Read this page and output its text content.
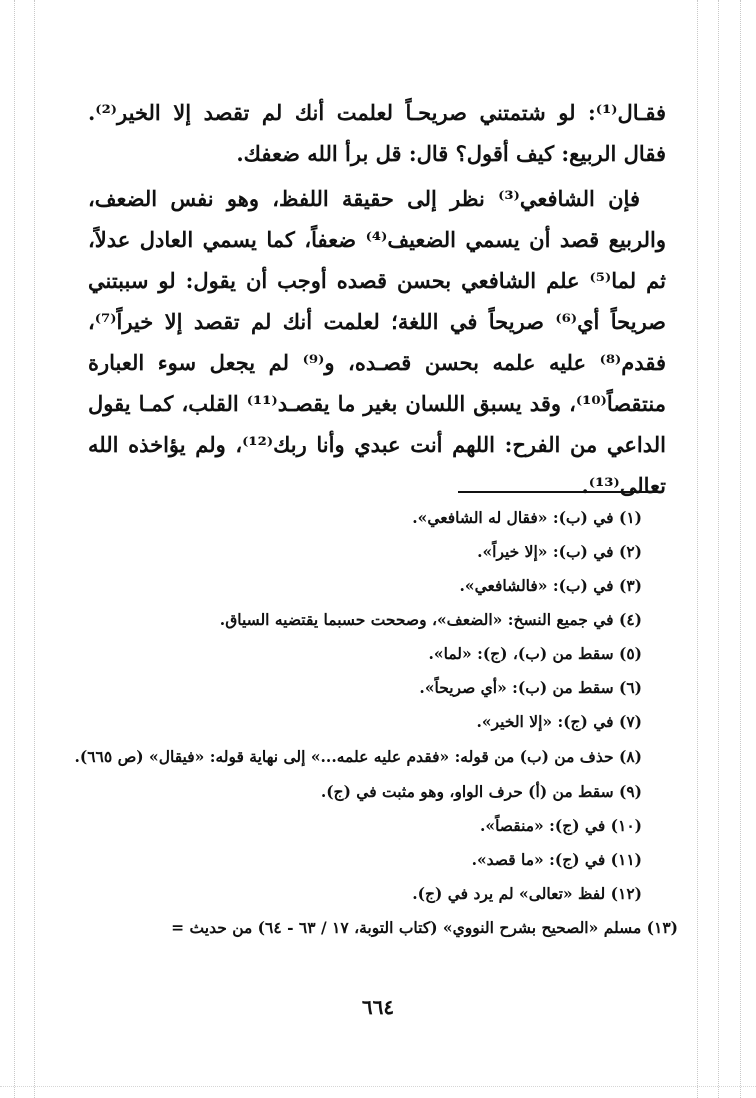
فقـال⁽¹⁾: لو شتمتني صريحـاً لعلمت أنك لم تقصد إلا الخير⁽²⁾. فقال الربيع: كيف أقول؟ قال: قل برأ الله ضعفك.

فإن الشافعي⁽³⁾ نظر إلى حقيقة اللفظ، وهو نفس الضعف، والربيع قصد أن يسمي الضعيف⁽⁴⁾ ضعفاً، كما يسمي العادل عدلاً، ثم لما⁽⁵⁾ علم الشافعي بحسن قصده أوجب أن يقول: لو سببتني صريحاً أي⁽⁶⁾ صريحاً في اللغة؛ لعلمت أنك لم تقصد إلا خيراً⁽⁷⁾، فقدم⁽⁸⁾ عليه علمه بحسن قصـده، و⁽⁹⁾ لم يجعل سوء العبارة منتقصاً⁽¹⁰⁾، وقد يسبق اللسان بغير ما يقصـد⁽¹¹⁾ القلب، كمـا يقول الداعي من الفرح: اللهم أنت عبدي وأنا ربك⁽¹²⁾، ولم يؤاخذه الله تعالى⁽¹³⁾.

(١) في (ب): «فقال له الشافعي».
(٢) في (ب): «إلا خيراً».
(٣) في (ب): «فالشافعي».
(٤) في جميع النسخ: «الضعف»، وصححت حسبما يقتضيه السياق.
(٥) سقط من (ب)، (ج): «لما».
(٦) سقط من (ب): «أي صريحاً».
(٧) في (ج): «إلا الخير».
(٨) حذف من (ب) من قوله: «فقدم عليه علمه...» إلى نهاية قوله: «فيقال» (ص ٦٦٥).
(٩) سقط من (أ) حرف الواو، وهو مثبت في (ج).
(١٠) في (ج): «منقصاً».
(١١) في (ج): «ما قصد».
(١٢) لفظ «تعالى» لم يرد في (ج).
(١٣) مسلم «الصحيح بشرح النووي» (كتاب التوبة، ١٧ / ٦٣ - ٦٤) من حديث =
٦٦٤
